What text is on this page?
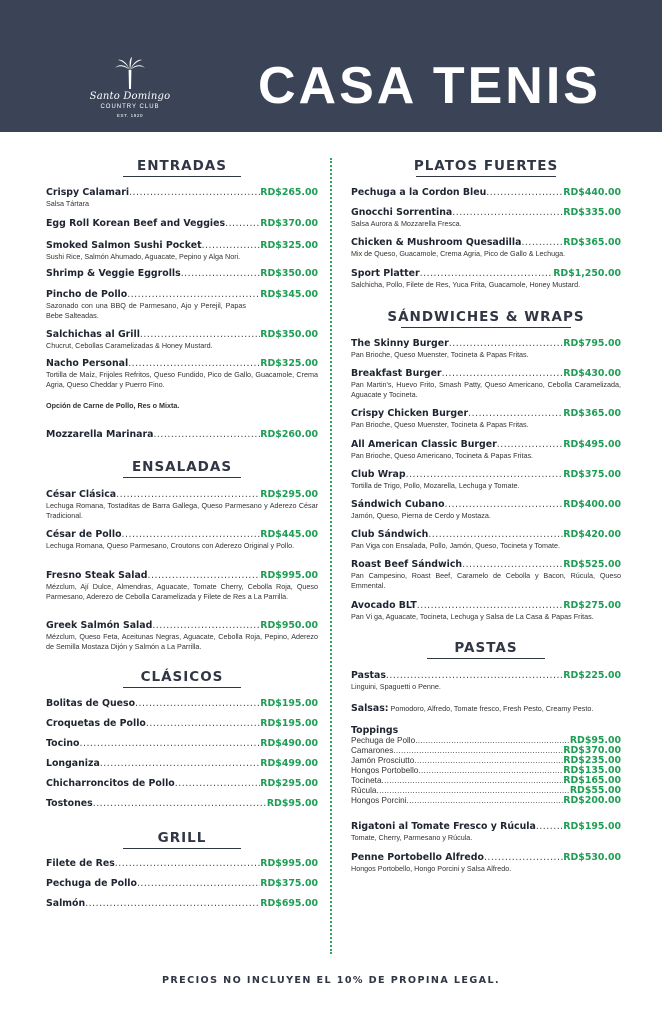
Santo Domingo
COUNTRY CLUB
EST. 1920
CASA TENIS
ENTRADAS
Crispy Calamari .....	RD$265.00
Salsa Tártara
Egg Roll Korean Beef and Veggies .....	RD$370.00
Smoked Salmon Sushi Pocket .....	RD$325.00
Sushi Rice, Salmón Ahumado, Aguacate, Pepino y Alga Nori.
Shrimp & Veggie Eggrolls .....	RD$350.00
Pincho de Pollo .....	RD$345.00
Sazonado con una BBQ de Parmesano, Ajo y Perejil, Papas Bebe Salteadas.
Salchichas al Grill .....	RD$350.00
Chucrut, Cebollas Caramelizadas & Honey Mustard.
Nacho Personal .....	RD$325.00
Tortilla de Maíz, Frijoles Refritos, Queso Fundido, Pico de Gallo, Guacamole, Crema Agria, Queso Cheddar y Puerro Fino.
Opción de Carne de Pollo, Res o Mixta.
Mozzarella Marinara .....	RD$260.00
ENSALADAS
César Clásica .....	RD$295.00
Lechuga Romana, Tostaditas de Barra Gallega, Queso Parmesano y Aderezo César Tradicional.
César de Pollo .....	RD$445.00
Lechuga Romana, Queso Parmesano, Croutons con Aderezo Original y Pollo.
Fresno Steak Salad .....	RD$995.00
Mézclum, Ají Dulce, Almendras, Aguacate, Tomate Cherry, Cebolla Roja, Queso Parmesano, Aderezo de Cebolla Caramelizada y Filete de Res a La Parrilla.
Greek Salmón Salad .....	RD$950.00
Mézclum, Queso Feta, Aceitunas Negras, Aguacate, Cebolla Roja, Pepino, Aderezo de Semilla Mostaza Dijón y Salmón a La Parrilla.
CLÁSICOS
Bolitas de Queso .....	RD$195.00
Croquetas de Pollo .....	RD$195.00
Tocino .....	RD$490.00
Longaniza .....	RD$499.00
Chicharroncitos de Pollo .....	RD$295.00
Tostones .....	RD$95.00
GRILL
Filete de Res .....	RD$995.00
Pechuga de Pollo .....	RD$375.00
Salmón .....	RD$695.00
PLATOS FUERTES
Pechuga a la Cordon Bleu .....	RD$440.00
Gnocchi Sorrentina .....	RD$335.00
Salsa Aurora & Mozzarella Fresca.
Chicken & Mushroom Quesadilla .....	RD$365.00
Mix de Queso, Guacamole, Crema Agria, Pico de Gallo & Lechuga.
Sport Platter .....	RD$1,250.00
Salchicha, Pollo, Filete de Res, Yuca Frita, Guacamole, Honey Mustard.
SÁNDWICHES & WRAPS
The Skinny Burger .....	RD$795.00
Pan Brioche, Queso Muenster, Tocineta & Papas Fritas.
Breakfast Burger .....	RD$430.00
Pan Martin's, Huevo Frito, Smash Patty, Queso Americano, Cebolla Caramelizada, Aguacate y Tocineta.
Crispy Chicken Burger .....	RD$365.00
Pan Brioche, Queso Muenster, Tocineta & Papas Fritas.
All American Classic Burger .....	RD$495.00
Pan Brioche, Queso Americano, Tocineta & Papas Fritas.
Club Wrap .....	RD$375.00
Tortilla de Trigo, Pollo, Mozarella, Lechuga y Tomate.
Sándwich Cubano .....	RD$400.00
Jamón, Queso, Pierna de Cerdo y Mostaza.
Club Sándwich .....	RD$420.00
Pan Viga con Ensalada, Pollo, Jamón, Queso, Tocineta y Tomate.
Roast Beef Sándwich .....	RD$525.00
Pan Campesino, Roast Beef, Caramelo de Cebolla y Bacon, Rúcula, Queso Emmental.
Avocado BLT .....	RD$275.00
Pan Vi ga, Aguacate, Tocineta, Lechuga y Salsa de La Casa & Papas Fritas.
PASTAS
Pastas .....	RD$225.00
Linguini, Spaguetti o Penne.
Salsas: Pomodoro, Alfredo, Tomate fresco, Fresh Pesto, Creamy Pesto.
Toppings
Pechuga de Pollo .....	RD$95.00
Camarones .....	RD$370.00
Jamón Prosciutto .....	RD$235.00
Hongos Portobello .....	RD$135.00
Tocineta .....	RD$165.00
Rúcula .....	RD$55.00
Hongos Porcini .....	RD$200.00
Rigatoni al Tomate Fresco y Rúcula .....	RD$195.00
Tomate, Cherry, Parmesano y Rúcula.
Penne Portobello Alfredo .....	RD$530.00
Hongos Portobello, Hongo Porcini y Salsa Alfredo.
PRECIOS NO INCLUYEN EL 10% DE PROPINA LEGAL.
